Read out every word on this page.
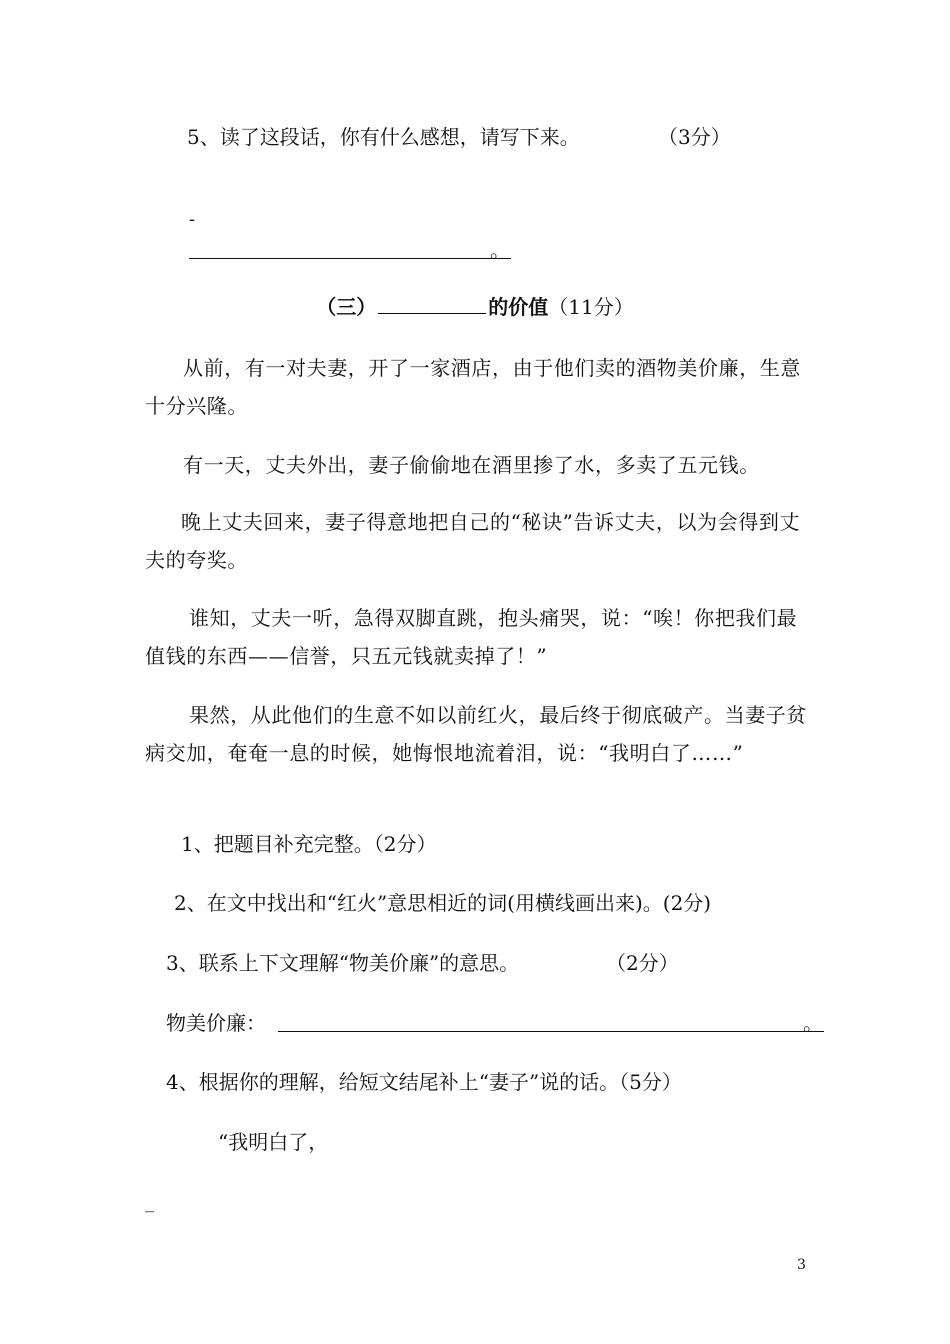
5、读了这段话，你有什么感想，请写下来。	（3分）
-
。
（三）	的价值（11分）
从前，有一对夫妻，开了一家酒店，由于他们卖的酒物美价廉，生意十分兴隆。
有一天，丈夫外出，妻子偷偷地在酒里掺了水，多卖了五元钱。
晚上丈夫回来，妻子得意地把自己的“秘诀”告诉丈夫，以为会得到丈夫的夸奖。
谁知，丈夫一听，急得双脚直跳，抱头痛哭，说：“唉！你把我们最值钱的东西——信誉，只五元钱就卖掉了！”
果然，从此他们的生意不如以前红火，最后终于彻底破产。当妻子贫病交加，奄奄一息的时候，她悔恨地流着泪，说：“我明白了……”
1、把题目补充完整。（2分）
2、在文中找出和“红火”意思相近的词(用横线画出来)。(2分)
3、联系上下文理解“物美价廉”的意思。	（2分）
物美价廉：	。
4、根据你的理解，给短文结尾补上“妻子”说的话。（5分）
“我明白了，
_
3
